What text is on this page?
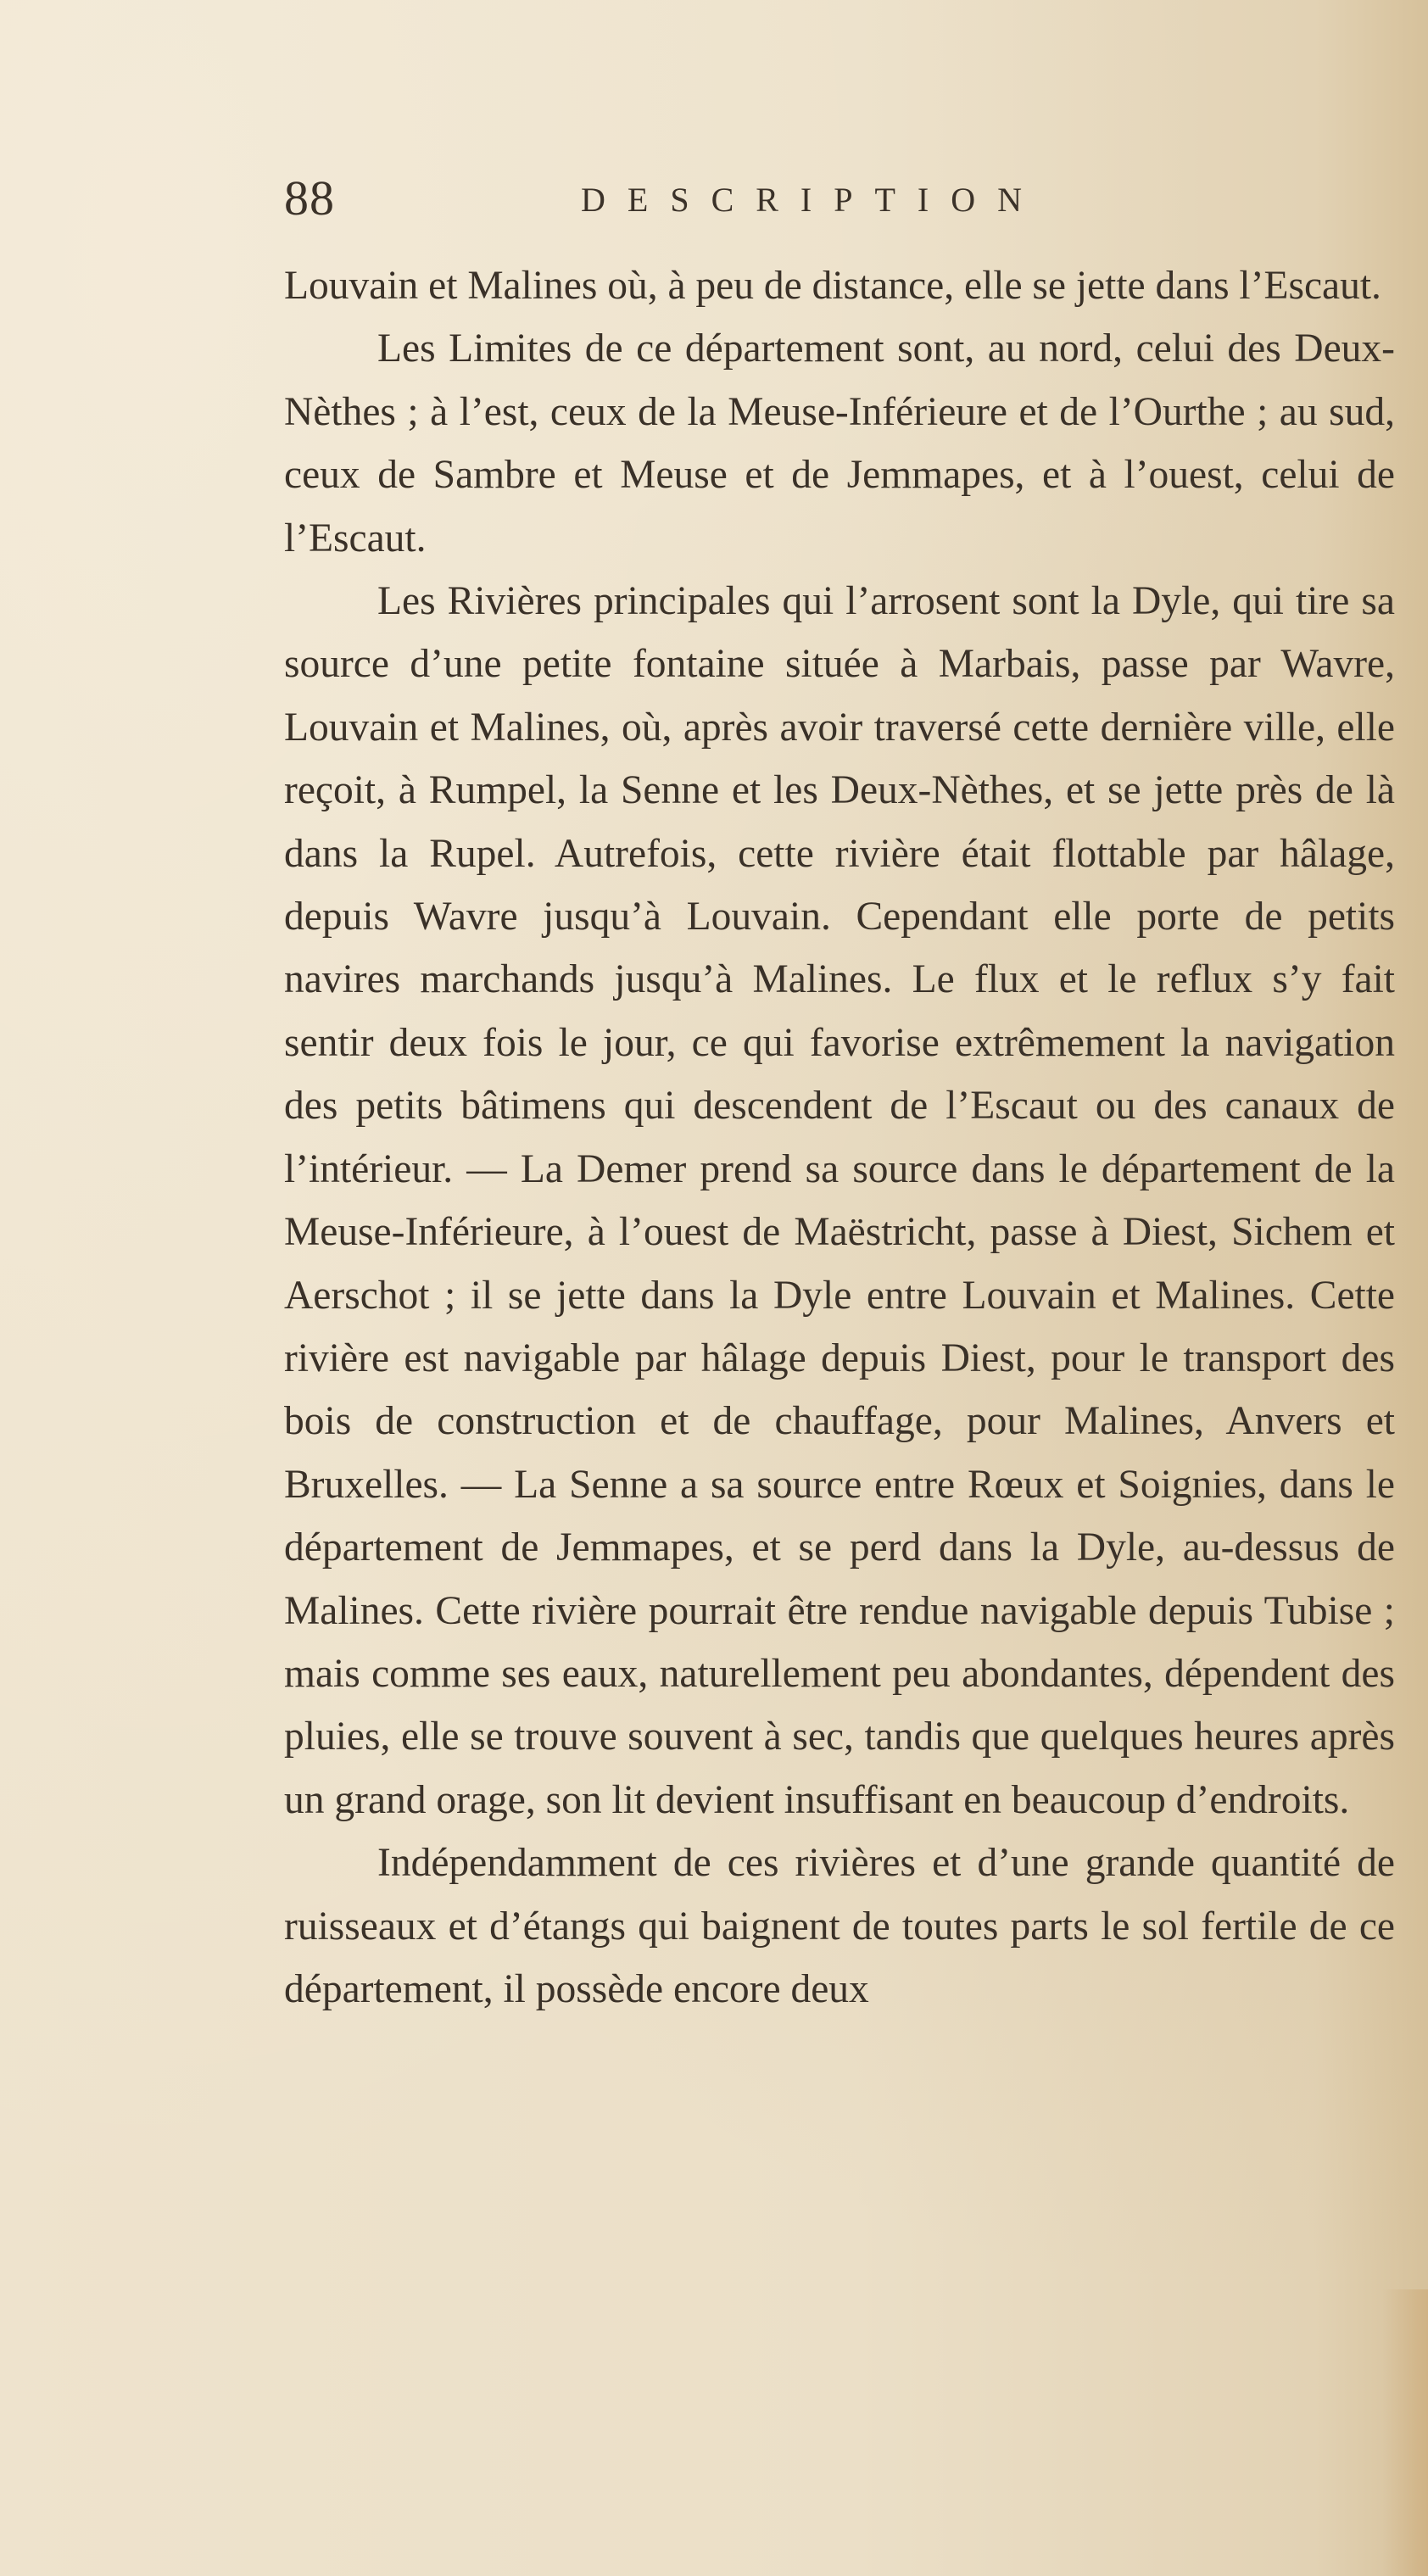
88	DESCRIPTION

Louvain et Malines où, à peu de distance, elle se jette dans l’Escaut.

Les Limites de ce département sont, au nord, celui des Deux-Nèthes ; à l’est, ceux de la Meuse-Inférieure et de l’Ourthe ; au sud, ceux de Sambre et Meuse et de Jemmapes, et à l’ouest, celui de l’Escaut.

Les Rivières principales qui l’arrosent sont la Dyle, qui tire sa source d’une petite fontaine située à Marbais, passe par Wavre, Louvain et Malines, où, après avoir traversé cette dernière ville, elle reçoit, à Rumpel, la Senne et les Deux-Nèthes, et se jette près de là dans la Rupel. Autrefois, cette rivière était flottable par hâlage, depuis Wavre jusqu’à Louvain. Cependant elle porte de petits navires marchands jusqu’à Malines. Le flux et le reflux s’y fait sentir deux fois le jour, ce qui favorise extrêmement la navigation des petits bâtimens qui descendent de l’Escaut ou des canaux de l’intérieur. — La Demer prend sa source dans le département de la Meuse-Inférieure, à l’ouest de Maëstricht, passe à Diest, Sichem et Aerschot ; il se jette dans la Dyle entre Louvain et Malines. Cette rivière est navigable par hâlage depuis Diest, pour le transport des bois de construction et de chauffage, pour Malines, Anvers et Bruxelles. — La Senne a sa source entre Rœux et Soignies, dans le département de Jemmapes, et se perd dans la Dyle, au-dessus de Malines. Cette rivière pourrait être rendue navigable depuis Tubise ; mais comme ses eaux, naturellement peu abondantes, dépendent des pluies, elle se trouve souvent à sec, tandis que quelques heures après un grand orage, son lit devient insuffisant en beaucoup d’endroits.

Indépendamment de ces rivières et d’une grande quantité de ruisseaux et d’étangs qui baignent de toutes parts le sol fertile de ce département, il possède encore deux
